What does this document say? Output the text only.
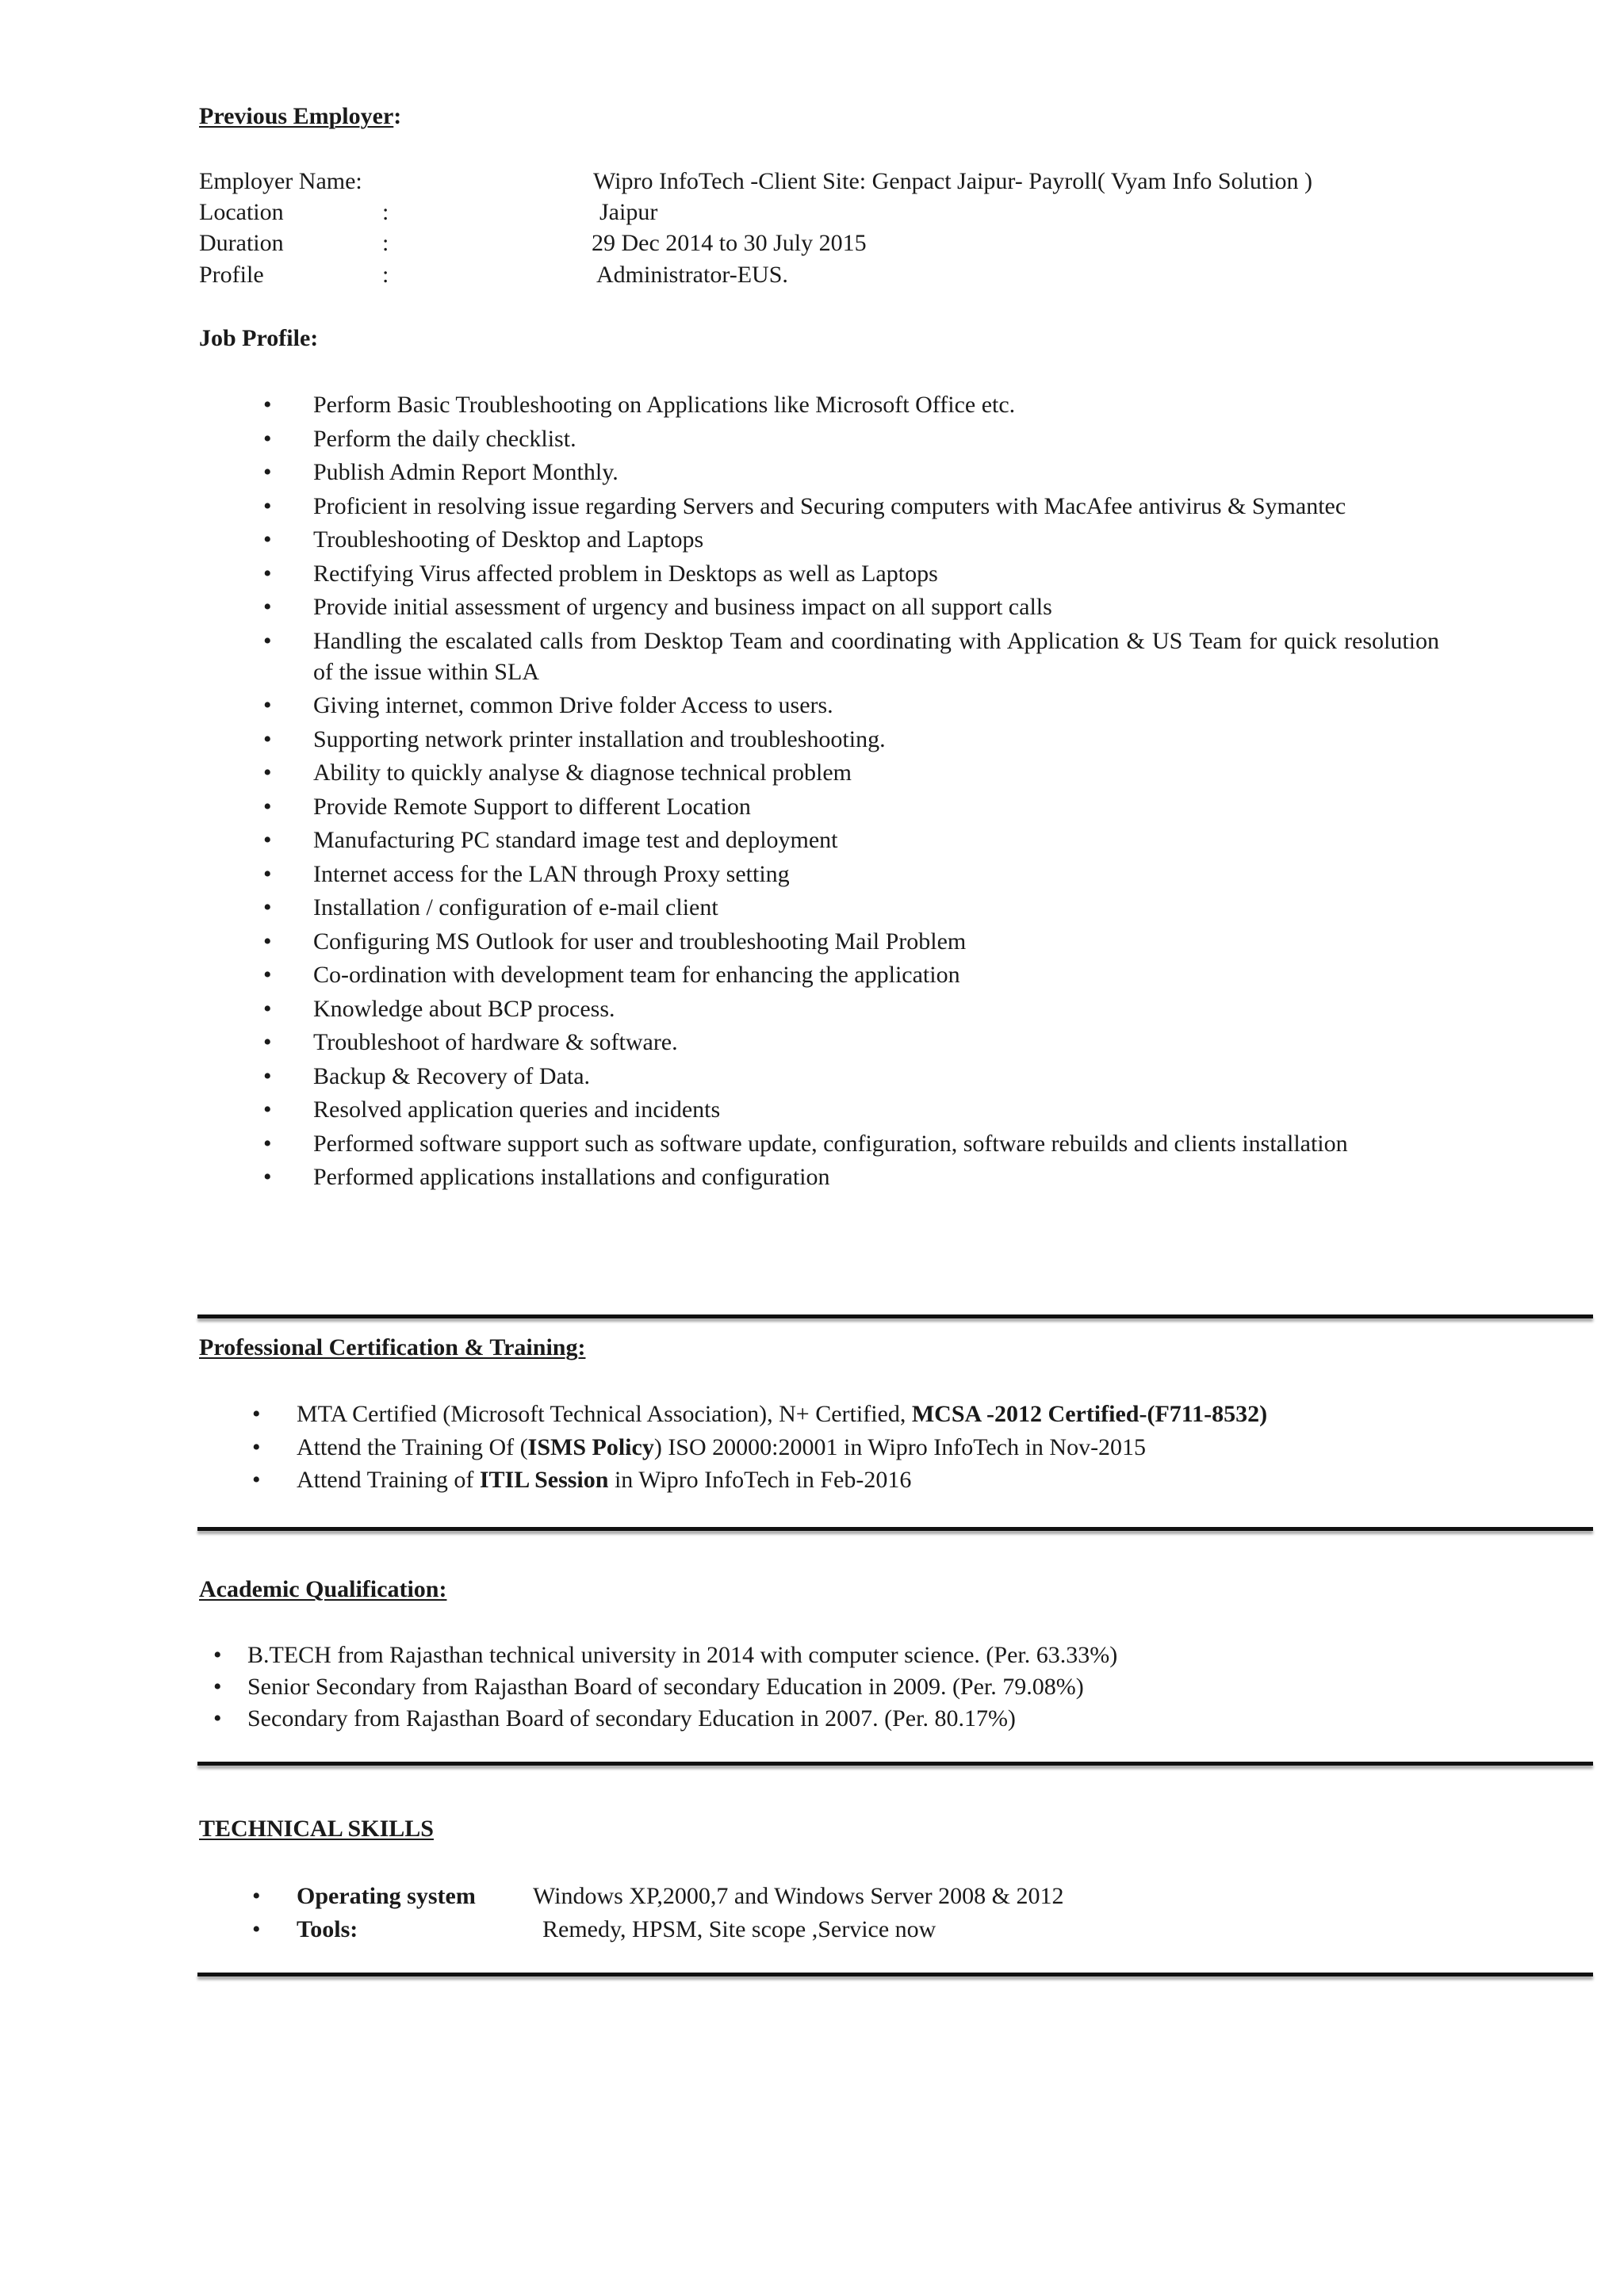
Previous Employer:
Employer Name:	Wipro InfoTech -Client Site: Genpact Jaipur- Payroll( Vyam Info Solution )
Location	:	Jaipur
Duration	:	29 Dec 2014 to 30 July 2015
Profile	:	Administrator-EUS.
Job Profile:
• Perform Basic Troubleshooting on Applications like Microsoft Office etc.
• Perform the daily checklist.
• Publish Admin Report Monthly.
• Proficient in resolving issue regarding Servers and Securing computers with MacAfee antivirus & Symantec
• Troubleshooting of Desktop and Laptops
• Rectifying Virus affected problem in Desktops as well as Laptops
• Provide initial assessment of urgency and business impact on all support calls
• Handling the escalated calls from Desktop Team and coordinating with Application & US Team for quick resolution of the issue within SLA
• Giving internet, common Drive folder Access to users.
• Supporting network printer installation and troubleshooting.
• Ability to quickly analyse & diagnose technical problem
• Provide Remote Support to different Location
• Manufacturing PC standard image test and deployment
• Internet access for the LAN through Proxy setting
• Installation / configuration of e-mail client
• Configuring MS Outlook for user and troubleshooting Mail Problem
• Co-ordination with development team for enhancing the application
• Knowledge about BCP process.
• Troubleshoot of hardware & software.
• Backup & Recovery of Data.
• Resolved application queries and incidents
• Performed software support such as software update, configuration, software rebuilds and clients installation
• Performed applications installations and configuration
Professional Certification & Training:
• MTA Certified (Microsoft Technical Association), N+ Certified, MCSA -2012 Certified-(F711-8532)
• Attend the Training Of (ISMS Policy) ISO 20000:20001 in Wipro InfoTech in Nov-2015
• Attend Training of ITIL Session in Wipro InfoTech in Feb-2016
Academic Qualification:
• B.TECH from Rajasthan technical university in 2014 with computer science. (Per. 63.33%)
• Senior Secondary from Rajasthan Board of secondary Education in 2009. (Per. 79.08%)
• Secondary from Rajasthan Board of secondary Education in 2007. (Per. 80.17%)
TECHNICAL SKILLS
• Operating system Windows XP,2000,7 and Windows Server 2008 & 2012
• Tools:	Remedy, HPSM, Site scope ,Service now
